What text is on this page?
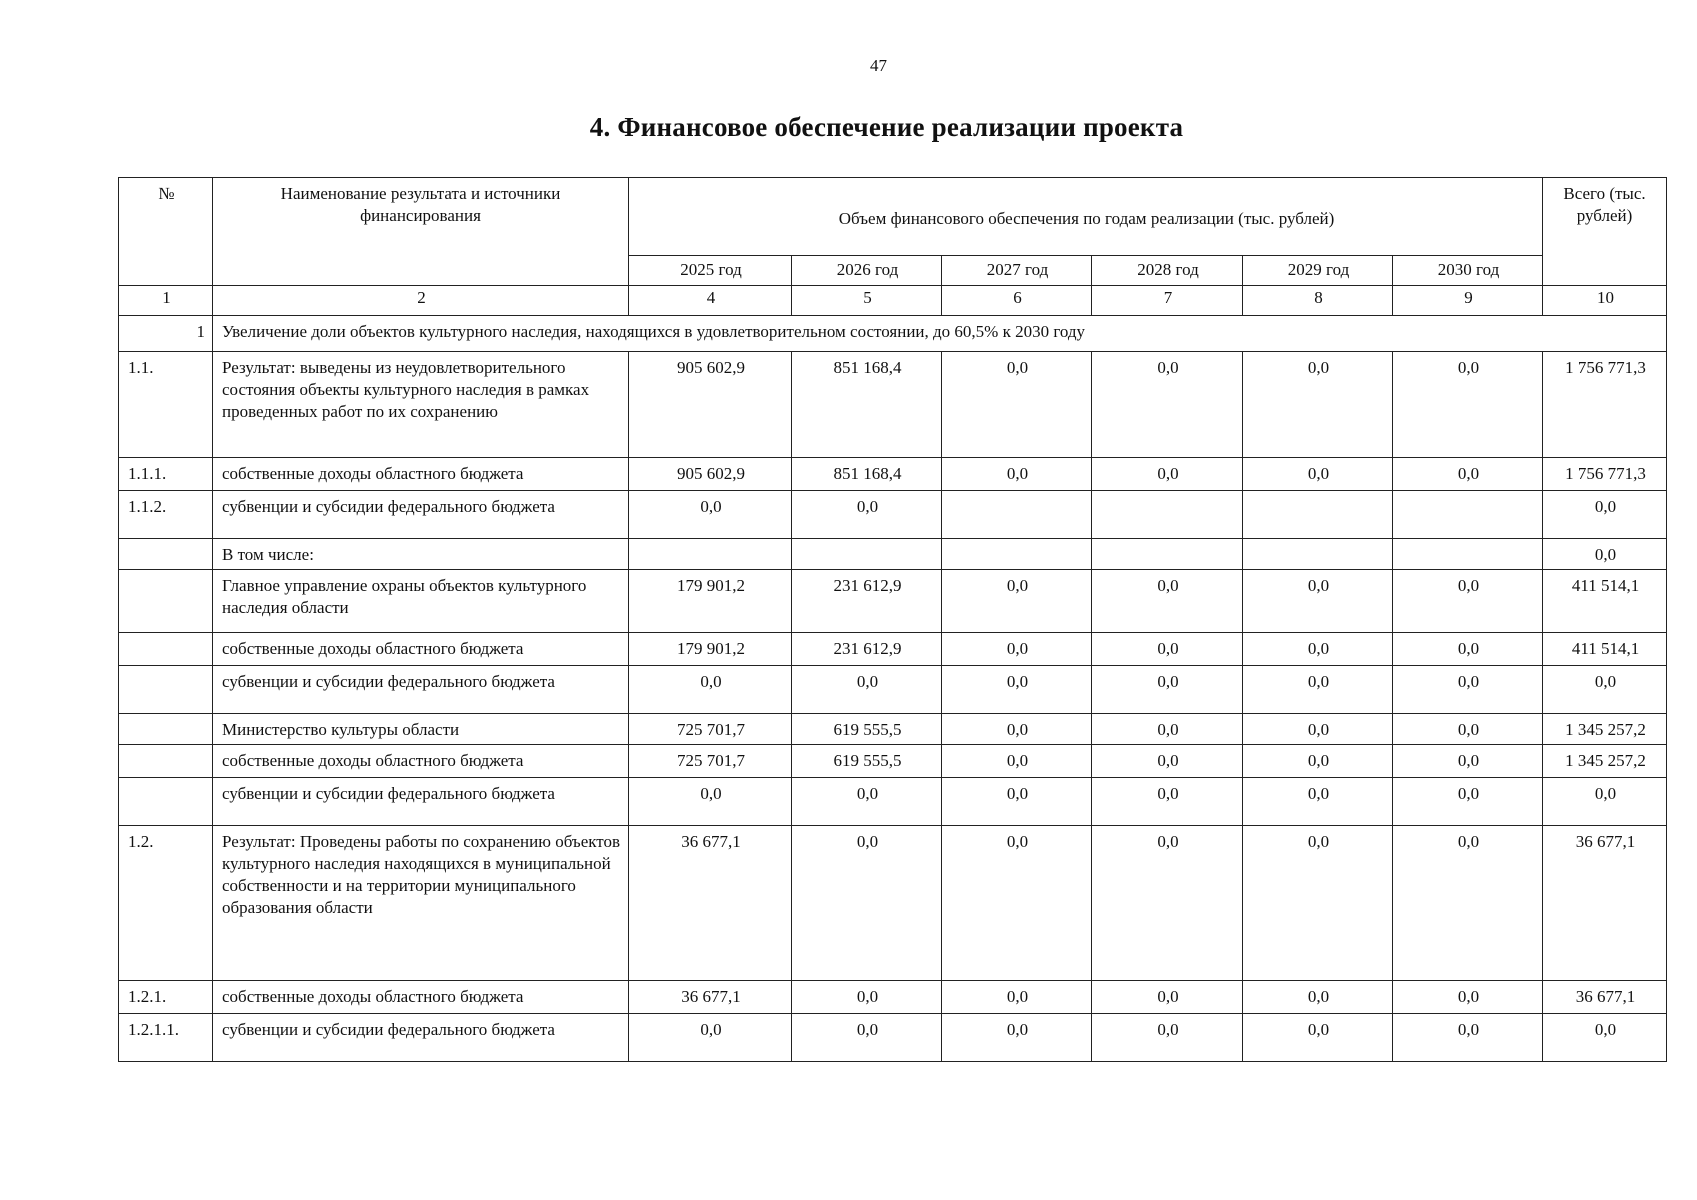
47
4. Финансовое обеспечение реализации проекта
№	Наименование результата и источники финансирования	Объем финансового обеспечения по годам реализации (тыс. рублей)						Всего (тыс. рублей)
		2025 год	2026 год	2027 год	2028 год	2029 год	2030 год	
1	2	4	5	6	7	8	9	10
1	Увеличение доли объектов культурного наследия, находящихся в удовлетворительном состоянии, до 60,5% к 2030 году							
1.1.	Результат: выведены из неудовлетворительного состояния объекты культурного наследия в рамках проведенных работ по их сохранению	905 602,9	851 168,4	0,0	0,0	0,0	0,0	1 756 771,3
1.1.1.	собственные доходы областного бюджета	905 602,9	851 168,4	0,0	0,0	0,0	0,0	1 756 771,3
1.1.2.	субвенции и субсидии федерального бюджета	0,0	0,0					0,0
	В том числе:							0,0
	Главное управление охраны объектов культурного наследия области	179 901,2	231 612,9	0,0	0,0	0,0	0,0	411 514,1
	собственные доходы областного бюджета	179 901,2	231 612,9	0,0	0,0	0,0	0,0	411 514,1
	субвенции и субсидии федерального бюджета	0,0	0,0	0,0	0,0	0,0	0,0	0,0
	Министерство культуры области	725 701,7	619 555,5	0,0	0,0	0,0	0,0	1 345 257,2
	собственные доходы областного бюджета	725 701,7	619 555,5	0,0	0,0	0,0	0,0	1 345 257,2
	субвенции и субсидии федерального бюджета	0,0	0,0	0,0	0,0	0,0	0,0	0,0
1.2.	Результат: Проведены работы по сохранению объектов культурного наследия находящихся в муниципальной собственности и на территории муниципального образования области	36 677,1	0,0	0,0	0,0	0,0	0,0	36 677,1
1.2.1.	собственные доходы областного бюджета	36 677,1	0,0	0,0	0,0	0,0	0,0	36 677,1
1.2.1.1.	субвенции и субсидии федерального бюджета	0,0	0,0	0,0	0,0	0,0	0,0	0,0
